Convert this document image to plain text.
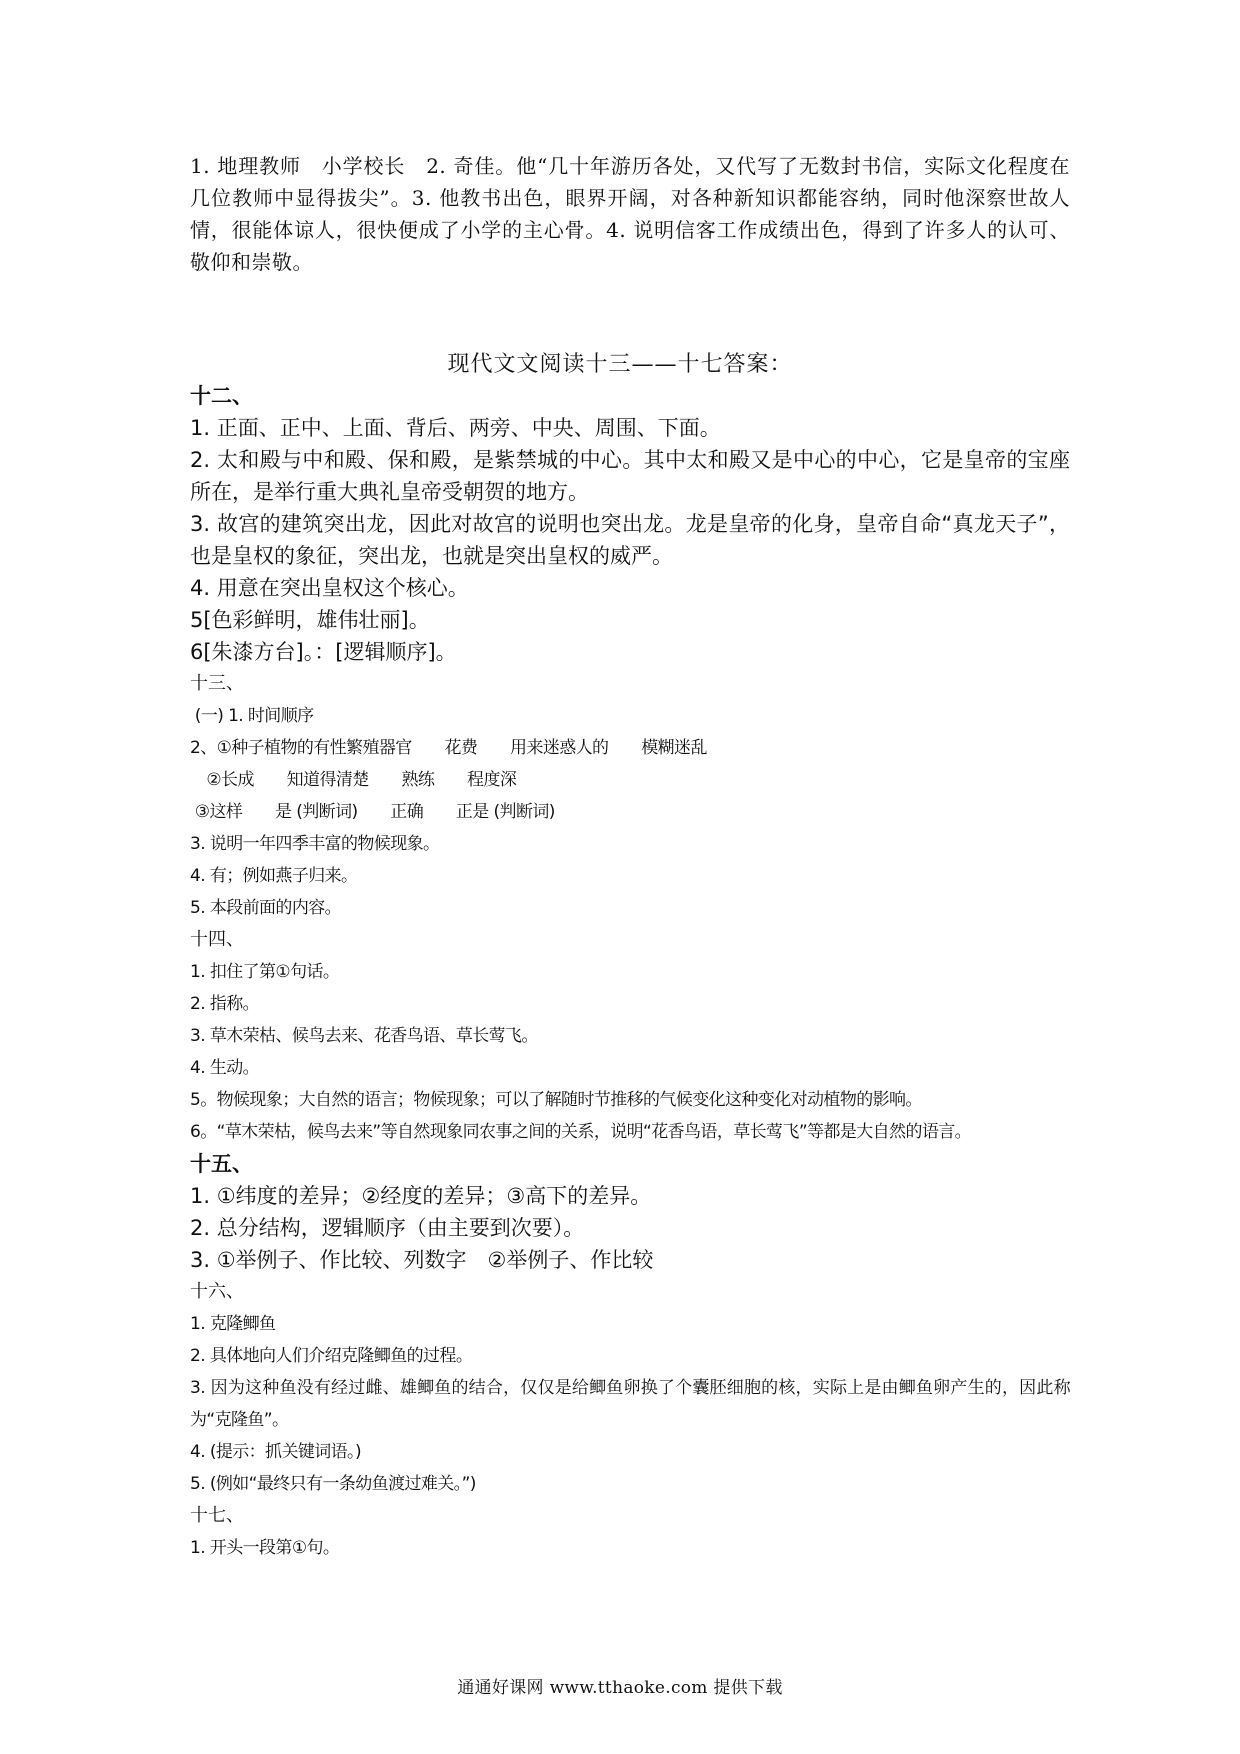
1. 地理教师　小学校长　2. 奇佳。他“几十年游历各处，又代写了无数封书信，实际文化程度在几位教师中显得拔尖”。3. 他教书出色，眼界开阔，对各种新知识都能容纳，同时他深察世故人情，很能体谅人，很快便成了小学的主心骨。4. 说明信客工作成绩出色，得到了许多人的认可、敬仰和崇敬。
现代文文阅读十三——十七答案：
十二、
1. 正面、正中、上面、背后、两旁、中央、周围、下面。
2. 太和殿与中和殿、保和殿，是紫禁城的中心。其中太和殿又是中心的中心，它是皇帝的宝座所在，是举行重大典礼皇帝受朝贺的地方。
3. 故宫的建筑突出龙，因此对故宫的说明也突出龙。龙是皇帝的化身，皇帝自命“真龙天子”，也是皇权的象征，突出龙，也就是突出皇权的威严。
4. 用意在突出皇权这个核心。
5[色彩鲜明，雄伟壮丽]。
6[朱漆方台]。：[逻辑顺序]。
十三、
(一) 1. 时间顺序
2、①种子植物的有性繁殖器官　　花费　　用来迷惑人的　　模糊迷乱
　②长成　　知道得清楚　　熟练　　程度深
③这样　　是 (判断词)　　正确　　正是 (判断词)
3. 说明一年四季丰富的物候现象。
4. 有；例如燕子归来。
5. 本段前面的内容。
十四、
1. 扣住了第①句话。
2. 指称。
3. 草木荣枯、候鸟去来、花香鸟语、草长莺飞。
4. 生动。
5。物候现象；大自然的语言；物候现象；可以了解随时节推移的气候变化这种变化对动植物的影响。
6。“草木荣枯，候鸟去来”等自然现象同农事之间的关系，说明“花香鸟语，草长莺飞”等都是大自然的语言。
十五、
1. ①纬度的差异；②经度的差异；③高下的差异。
2. 总分结构，逻辑顺序（由主要到次要）。
3. ①举例子、作比较、列数字　②举例子、作比较
十六、
1. 克隆鲫鱼
2. 具体地向人们介绍克隆鲫鱼的过程。
3. 因为这种鱼没有经过雌、雄鲫鱼的结合，仅仅是给鲫鱼卵换了个囊胚细胞的核，实际上是由鲫鱼卵产生的，因此称为“克隆鱼”。
4. (提示：抓关键词语。)
5. (例如“最终只有一条幼鱼渡过难关。”)
十七、
1. 开头一段第①句。
通通好课网 www.tthaoke.com 提供下载
